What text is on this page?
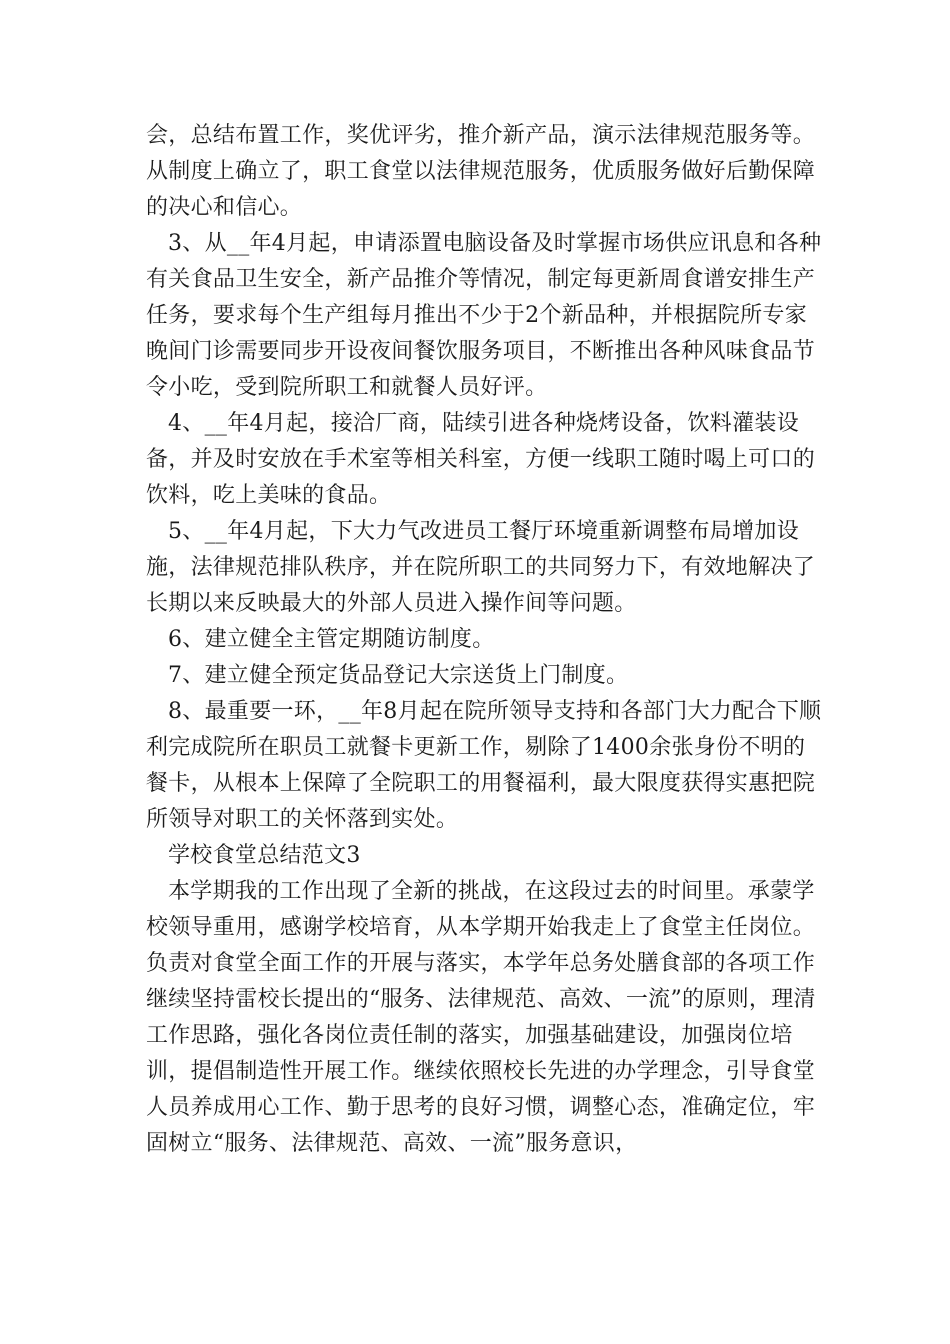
会，总结布置工作，奖优评劣，推介新产品，演示法律规范服务等。从制度上确立了，职工食堂以法律规范服务，优质服务做好后勤保障的决心和信心。

3、从__年4月起，申请添置电脑设备及时掌握市场供应讯息和各种有关食品卫生安全，新产品推介等情况，制定每更新周食谱安排生产任务，要求每个生产组每月推出不少于2个新品种，并根据院所专家晚间门诊需要同步开设夜间餐饮服务项目，不断推出各种风味食品节令小吃，受到院所职工和就餐人员好评。

4、__年4月起，接洽厂商，陆续引进各种烧烤设备，饮料灌装设备，并及时安放在手术室等相关科室，方便一线职工随时喝上可口的饮料，吃上美味的食品。

5、__年4月起，下大力气改进员工餐厅环境重新调整布局增加设施，法律规范排队秩序，并在院所职工的共同努力下，有效地解决了长期以来反映最大的外部人员进入操作间等问题。

6、建立健全主管定期随访制度。

7、建立健全预定货品登记大宗送货上门制度。

8、最重要一环，__年8月起在院所领导支持和各部门大力配合下顺利完成院所在职员工就餐卡更新工作，剔除了1400余张身份不明的餐卡，从根本上保障了全院职工的用餐福利，最大限度获得实惠把院所领导对职工的关怀落到实处。

学校食堂总结范文3

本学期我的工作出现了全新的挑战，在这段过去的时间里。承蒙学校领导重用，感谢学校培育，从本学期开始我走上了食堂主任岗位。负责对食堂全面工作的开展与落实，本学年总务处膳食部的各项工作继续坚持雷校长提出的“服务、法律规范、高效、一流”的原则，理清工作思路，强化各岗位责任制的落实，加强基础建设，加强岗位培训，提倡制造性开展工作。继续依照校长先进的办学理念，引导食堂人员养成用心工作、勤于思考的良好习惯，调整心态，准确定位，牢固树立“服务、法律规范、高效、一流”服务意识，
